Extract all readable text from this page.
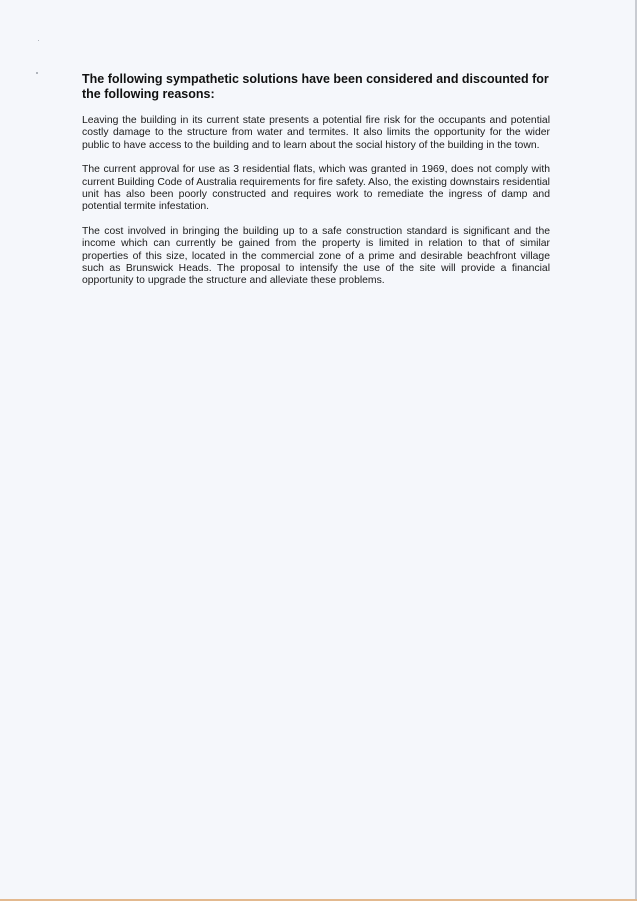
The following sympathetic solutions have been considered and discounted for the following reasons:

Leaving the building in its current state presents a potential fire risk for the occupants and potential costly damage to the structure from water and termites. It also limits the opportunity for the wider public to have access to the building and to learn about the social history of the building in the town.

The current approval for use as 3 residential flats, which was granted in 1969, does not comply with current Building Code of Australia requirements for fire safety. Also, the existing downstairs residential unit has also been poorly constructed and requires work to remediate the ingress of damp and potential termite infestation.

The cost involved in bringing the building up to a safe construction standard is significant and the income which can currently be gained from the property is limited in relation to that of similar properties of this size, located in the commercial zone of a prime and desirable beachfront village such as Brunswick Heads. The proposal to intensify the use of the site will provide a financial opportunity to upgrade the structure and alleviate these problems.
